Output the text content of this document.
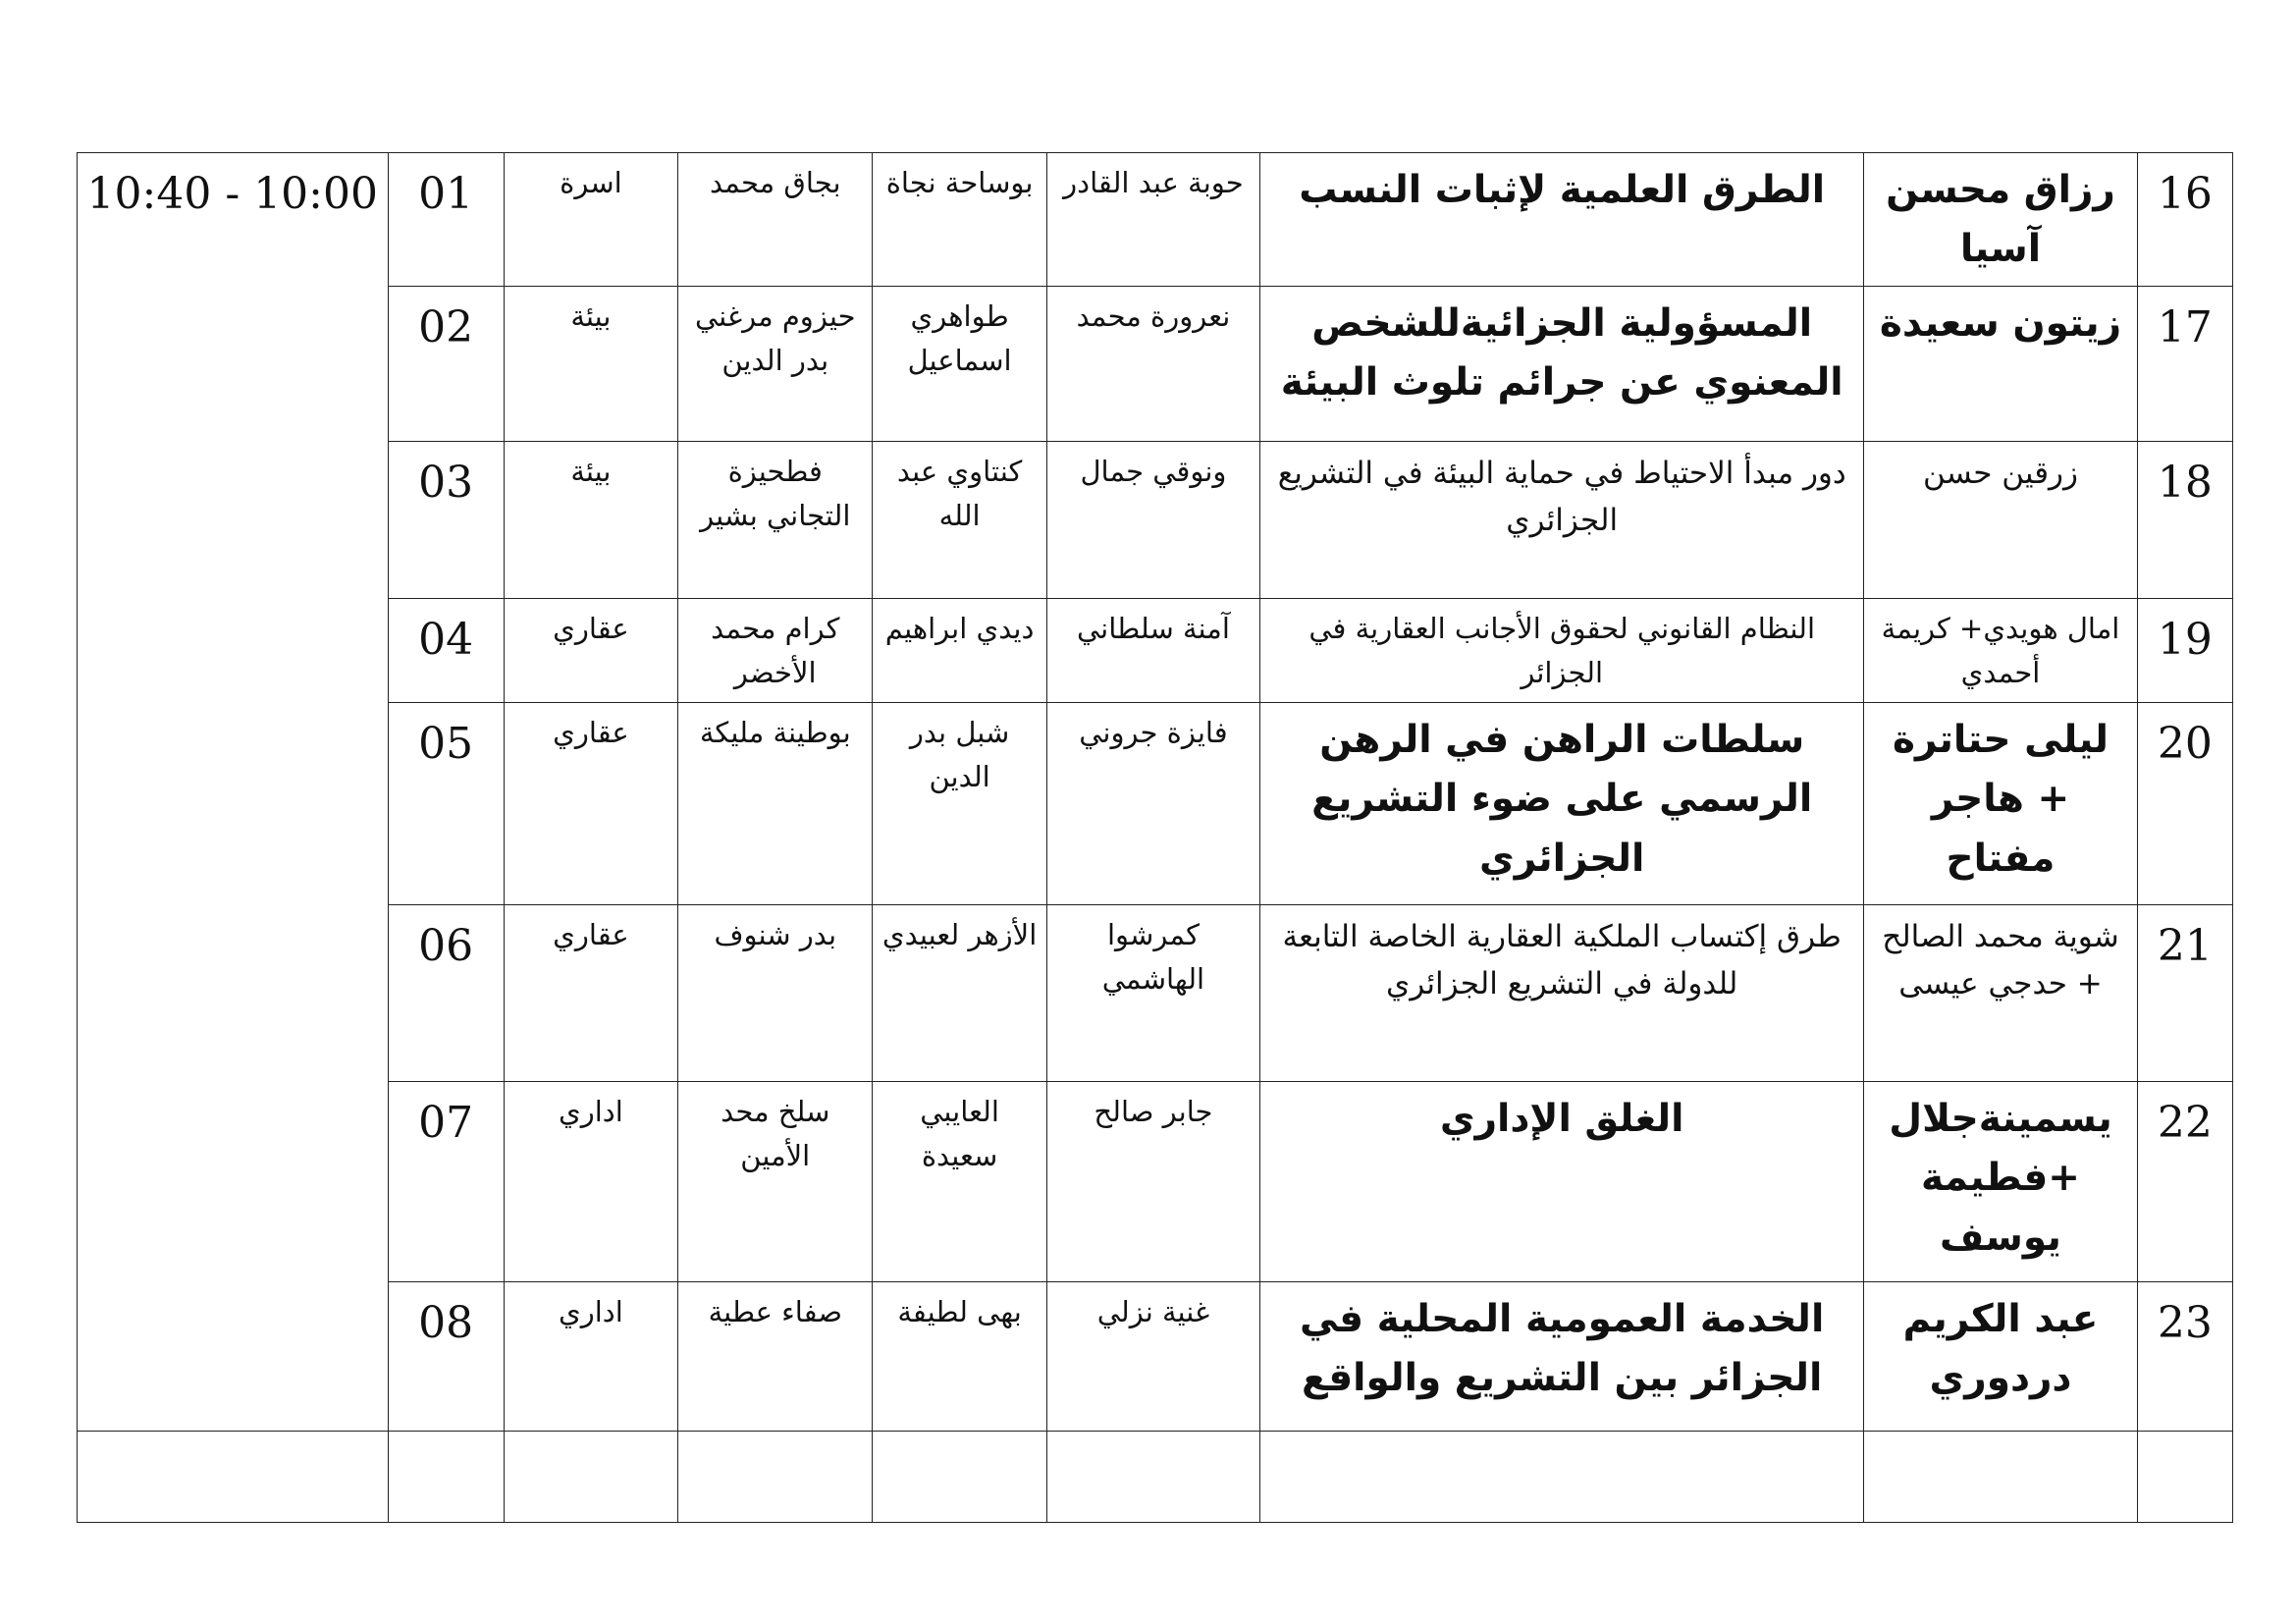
10:40 - 10:00	01	اسرة	بجاق محمد	بوساحة نجاة	حوبة عبد القادر	الطرق العلمية لإثبات النسب	رزاق محسن آسيا	16
	02	بيئة	حيزوم مرغني بدر الدين	طواهري اسماعيل	نعرورة محمد	المسؤولية الجزائيةللشخص المعنوي عن جرائم تلوث البيئة	زيتون سعيدة	17
	03	بيئة	فطحيزة التجاني بشير	كنتاوي عبد الله	ونوقي جمال	دور مبدأ الاحتياط في حماية البيئة في التشريع الجزائري	زرقين حسن	18
	04	عقاري	كرام محمد الأخضر	ديدي ابراهيم	آمنة سلطاني	النظام القانوني لحقوق الأجانب العقارية في الجزائر	امال هويدي+ كريمة أحمدي	19
	05	عقاري	بوطينة مليكة	شبل بدر الدين	فايزة جروني	سلطات الراهن في الرهن الرسمي على ضوء التشريع الجزائري	ليلى حتاترة + هاجر مفتاح	20
	06	عقاري	بدر شنوف	الأزهر لعبيدي	كمرشوا الهاشمي	طرق إكتساب الملكية العقارية الخاصة التابعة للدولة في التشريع الجزائري	شوية محمد الصالح + حدجي عيسى	21
	07	اداري	سلخ محد الأمين	العايبي سعيدة	جابر صالح	الغلق الإداري	يسمينةجلال +فطيمة يوسف	22
	08	اداري	صفاء عطية	بهى لطيفة	غنية نزلي	الخدمة العمومية المحلية في الجزائر بين التشريع والواقع	عبد الكريم دردوري	23
